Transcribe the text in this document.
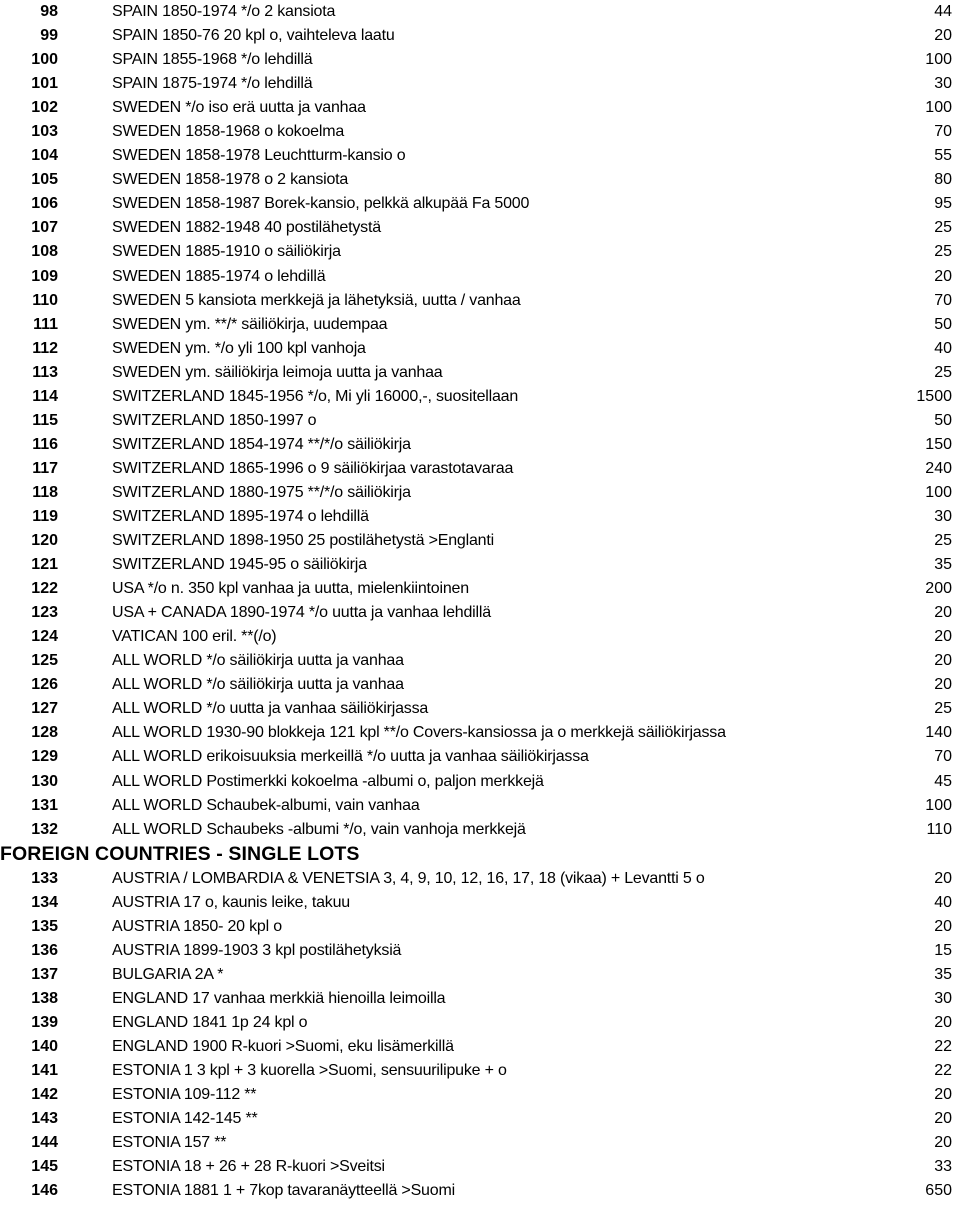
98	SPAIN 1850-1974 */o 2 kansiota	44
99	SPAIN 1850-76 20 kpl o, vaihteleva laatu	20
100	SPAIN 1855-1968 */o lehdillä	100
101	SPAIN 1875-1974 */o lehdillä	30
102	SWEDEN */o iso erä uutta ja vanhaa	100
103	SWEDEN 1858-1968 o kokoelma	70
104	SWEDEN 1858-1978 Leuchtturm-kansio o	55
105	SWEDEN 1858-1978 o 2 kansiota	80
106	SWEDEN 1858-1987 Borek-kansio, pelkkä alkupää Fa 5000	95
107	SWEDEN 1882-1948 40 postilähetystä	25
108	SWEDEN 1885-1910 o säiliökirja	25
109	SWEDEN 1885-1974 o lehdillä	20
110	SWEDEN 5 kansiota merkkejä ja lähetyksiä, uutta / vanhaa	70
111	SWEDEN ym. **/* säiliökirja, uudempaa	50
112	SWEDEN ym. */o yli 100 kpl vanhoja	40
113	SWEDEN ym. säiliökirja leimoja uutta ja vanhaa	25
114	SWITZERLAND 1845-1956 */o, Mi yli 16000,-, suositellaan	1500
115	SWITZERLAND 1850-1997 o	50
116	SWITZERLAND 1854-1974 **/*/o säiliökirja	150
117	SWITZERLAND 1865-1996 o 9 säiliökirjaa varastotavaraa	240
118	SWITZERLAND 1880-1975 **/*/o säiliökirja	100
119	SWITZERLAND 1895-1974 o lehdillä	30
120	SWITZERLAND 1898-1950 25 postilähetystä >Englanti	25
121	SWITZERLAND 1945-95 o säiliökirja	35
122	USA */o n. 350 kpl vanhaa ja uutta, mielenkiintoinen	200
123	USA + CANADA 1890-1974 */o uutta ja vanhaa lehdillä	20
124	VATICAN 100 eril. **(/o)	20
125	ALL WORLD */o säiliökirja uutta ja vanhaa	20
126	ALL WORLD */o säiliökirja uutta ja vanhaa	20
127	ALL WORLD */o uutta ja vanhaa säiliökirjassa	25
128	ALL WORLD 1930-90 blokkeja 121 kpl **/o Covers-kansiossa ja o merkkejä säiliökirjassa	140
129	ALL WORLD erikoisuuksia merkeillä */o uutta ja vanhaa säiliökirjassa	70
130	ALL WORLD Postimerkki kokoelma -albumi o, paljon merkkejä	45
131	ALL WORLD Schaubek-albumi, vain vanhaa	100
132	ALL WORLD Schaubeks -albumi */o, vain vanhoja merkkejä	110
FOREIGN COUNTRIES - SINGLE LOTS
133	AUSTRIA / LOMBARDIA & VENETSIA 3, 4, 9, 10, 12, 16, 17, 18 (vikaa) + Levantti 5 o	20
134	AUSTRIA 17 o, kaunis leike, takuu	40
135	AUSTRIA 1850- 20 kpl o	20
136	AUSTRIA 1899-1903 3 kpl postilähetyksiä	15
137	BULGARIA 2A *	35
138	ENGLAND 17 vanhaa merkkiä hienoilla leimoilla	30
139	ENGLAND 1841 1p 24 kpl o	20
140	ENGLAND 1900 R-kuori >Suomi, eku lisämerkillä	22
141	ESTONIA 1 3 kpl + 3 kuorella >Suomi, sensuurilipuke + o	22
142	ESTONIA 109-112 **	20
143	ESTONIA 142-145 **	20
144	ESTONIA 157 **	20
145	ESTONIA 18 + 26 + 28 R-kuori >Sveitsi	33
146	ESTONIA 1881 1 + 7kop tavaranäytteellä >Suomi	650
